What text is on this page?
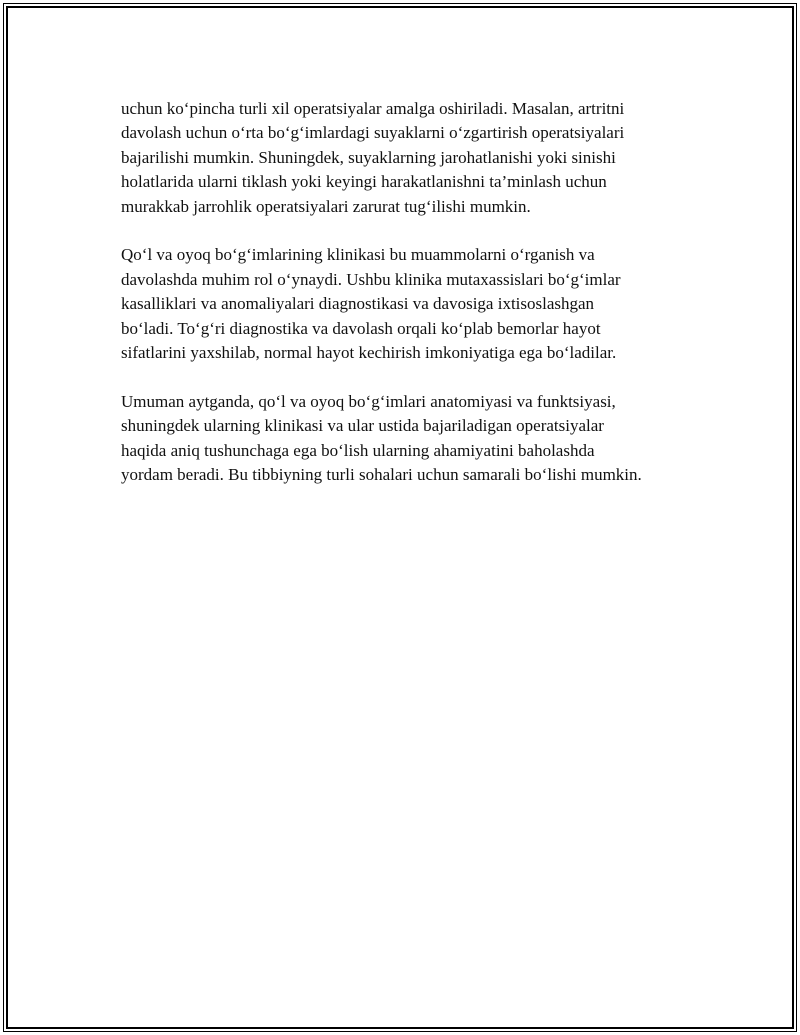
uchun ko‘pincha turli xil operatsiyalar amalga oshiriladi. Masalan, artritni
davolash uchun o‘rta bo‘g‘imlardagi suyaklarni o‘zgartirish operatsiyalari
bajarilishi mumkin. Shuningdek, suyaklarning jarohatlanishi yoki sinishi
holatlarida ularni tiklash yoki keyingi harakatlanishni ta’minlash uchun
murakkab jarrohlik operatsiyalari zarurat tug‘ilishi mumkin.

Qo‘l va oyoq bo‘g‘imlarining klinikasi bu muammolarni o‘rganish va
davolashda muhim rol o‘ynaydi. Ushbu klinika mutaxassislari bo‘g‘imlar
kasalliklari va anomaliyalari diagnostikasi va davosiga ixtisoslashgan
bo‘ladi. To‘g‘ri diagnostika va davolash orqali ko‘plab bemorlar hayot
sifatlarini yaxshilab, normal hayot kechirish imkoniyatiga ega bo‘ladilar.

Umuman aytganda, qo‘l va oyoq bo‘g‘imlari anatomiyasi va funktsiyasi,
shuningdek ularning klinikasi va ular ustida bajariladigan operatsiyalar
haqida aniq tushunchaga ega bo‘lish ularning ahamiyatini baholashda
yordam beradi. Bu tibbiyning turli sohalari uchun samarali bo‘lishi mumkin.
